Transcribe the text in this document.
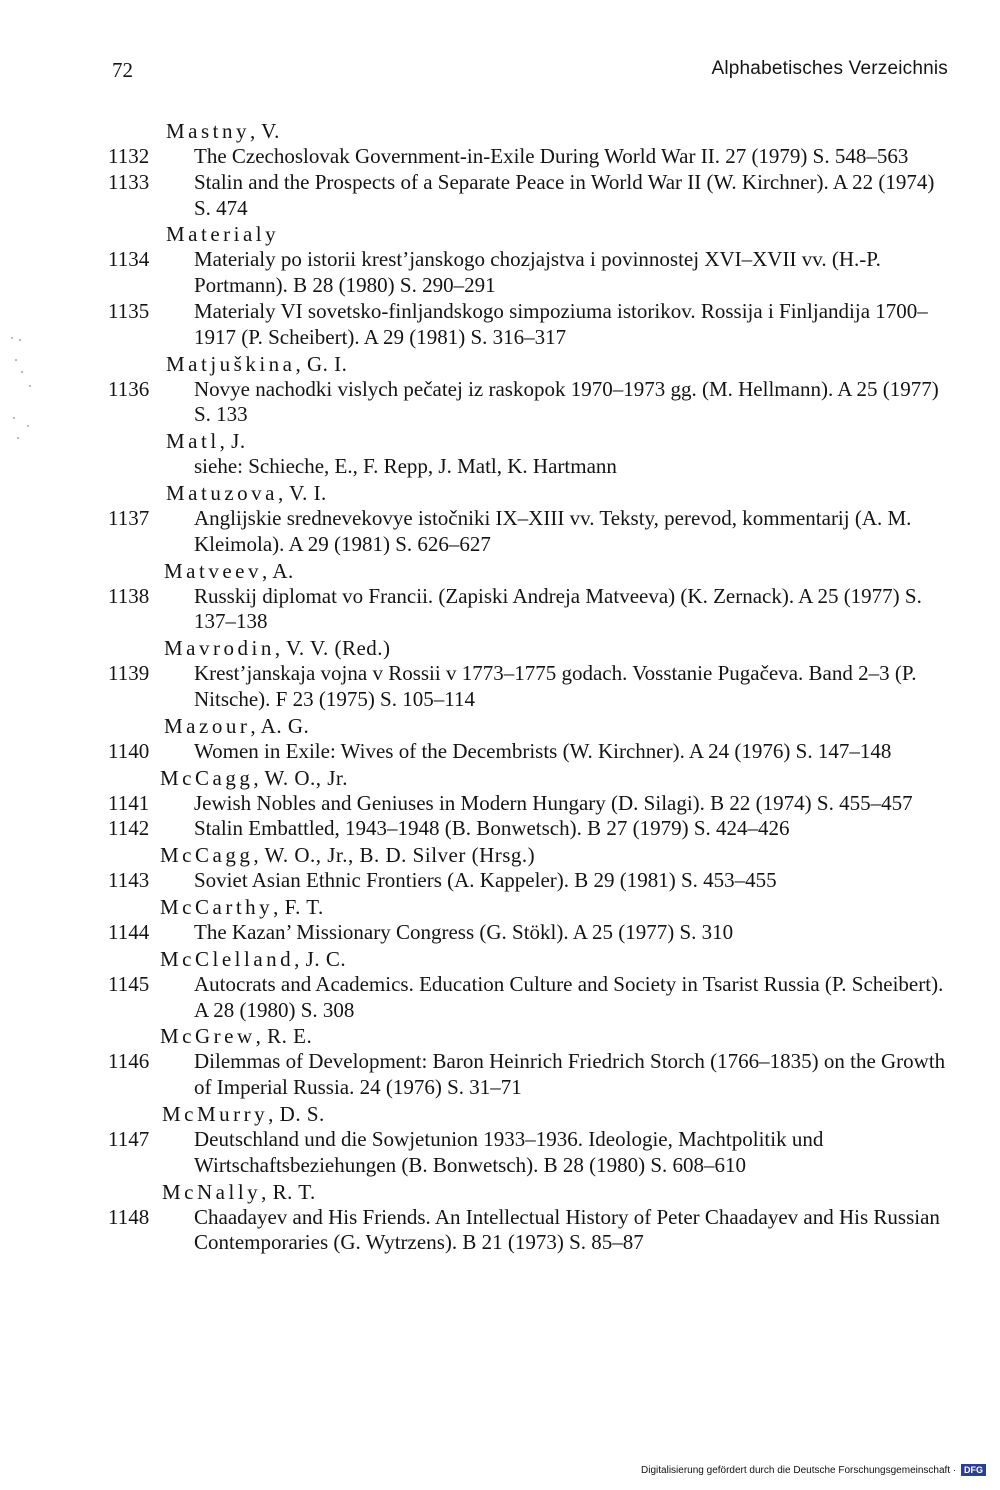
72	Alphabetisches Verzeichnis
Mastny, V.
1132	The Czechoslovak Government-in-Exile During World War II. 27 (1979) S. 548–563
1133	Stalin and the Prospects of a Separate Peace in World War II (W. Kirchner). A 22 (1974) S. 474
Materialy
1134	Materialy po istorii krest’janskogo chozjajstva i povinnostej XVI–XVII vv. (H.-P. Portmann). B 28 (1980) S. 290–291
1135	Materialy VI sovetsko-finljandskogo simpoziuma istorikov. Rossija i Finljandija 1700–1917 (P. Scheibert). A 29 (1981) S. 316–317
Matjuškina, G. I.
1136	Novye nachodki vislych pečatej iz raskopok 1970–1973 gg. (M. Hellmann). A 25 (1977) S. 133
Matl, J.
siehe: Schieche, E., F. Repp, J. Matl, K. Hartmann
Matuzova, V. I.
1137	Anglijskie srednevekovye istočniki IX–XIII vv. Teksty, perevod, kommentarij (A. M. Kleimola). A 29 (1981) S. 626–627
Matveev, A.
1138	Russkij diplomat vo Francii. (Zapiski Andreja Matveeva) (K. Zernack). A 25 (1977) S. 137–138
Mavrodin, V. V. (Red.)
1139	Krest’janskaja vojna v Rossii v 1773–1775 godach. Vosstanie Pugačeva. Band 2–3 (P. Nitsche). F 23 (1975) S. 105–114
Mazour, A. G.
1140	Women in Exile: Wives of the Decembrists (W. Kirchner). A 24 (1976) S. 147–148
McCagg, W. O., Jr.
1141	Jewish Nobles and Geniuses in Modern Hungary (D. Silagi). B 22 (1974) S. 455–457
1142	Stalin Embattled, 1943–1948 (B. Bonwetsch). B 27 (1979) S. 424–426
McCagg, W. O., Jr., B. D. Silver (Hrsg.)
1143	Soviet Asian Ethnic Frontiers (A. Kappeler). B 29 (1981) S. 453–455
McCarthy, F. T.
1144	The Kazan’ Missionary Congress (G. Stökl). A 25 (1977) S. 310
McClelland, J. C.
1145	Autocrats and Academics. Education Culture and Society in Tsarist Russia (P. Scheibert). A 28 (1980) S. 308
McGrew, R. E.
1146	Dilemmas of Development: Baron Heinrich Friedrich Storch (1766–1835) on the Growth of Imperial Russia. 24 (1976) S. 31–71
McMurry, D. S.
1147	Deutschland und die Sowjetunion 1933–1936. Ideologie, Machtpolitik und Wirtschaftsbeziehungen (B. Bonwetsch). B 28 (1980) S. 608–610
McNally, R. T.
1148	Chaadayev and His Friends. An Intellectual History of Peter Chaadayev and His Russian Contemporaries (G. Wytrzens). B 21 (1973) S. 85–87
Digitalisierung gefördert durch die Deutsche Forschungsgemeinschaft · DFG
